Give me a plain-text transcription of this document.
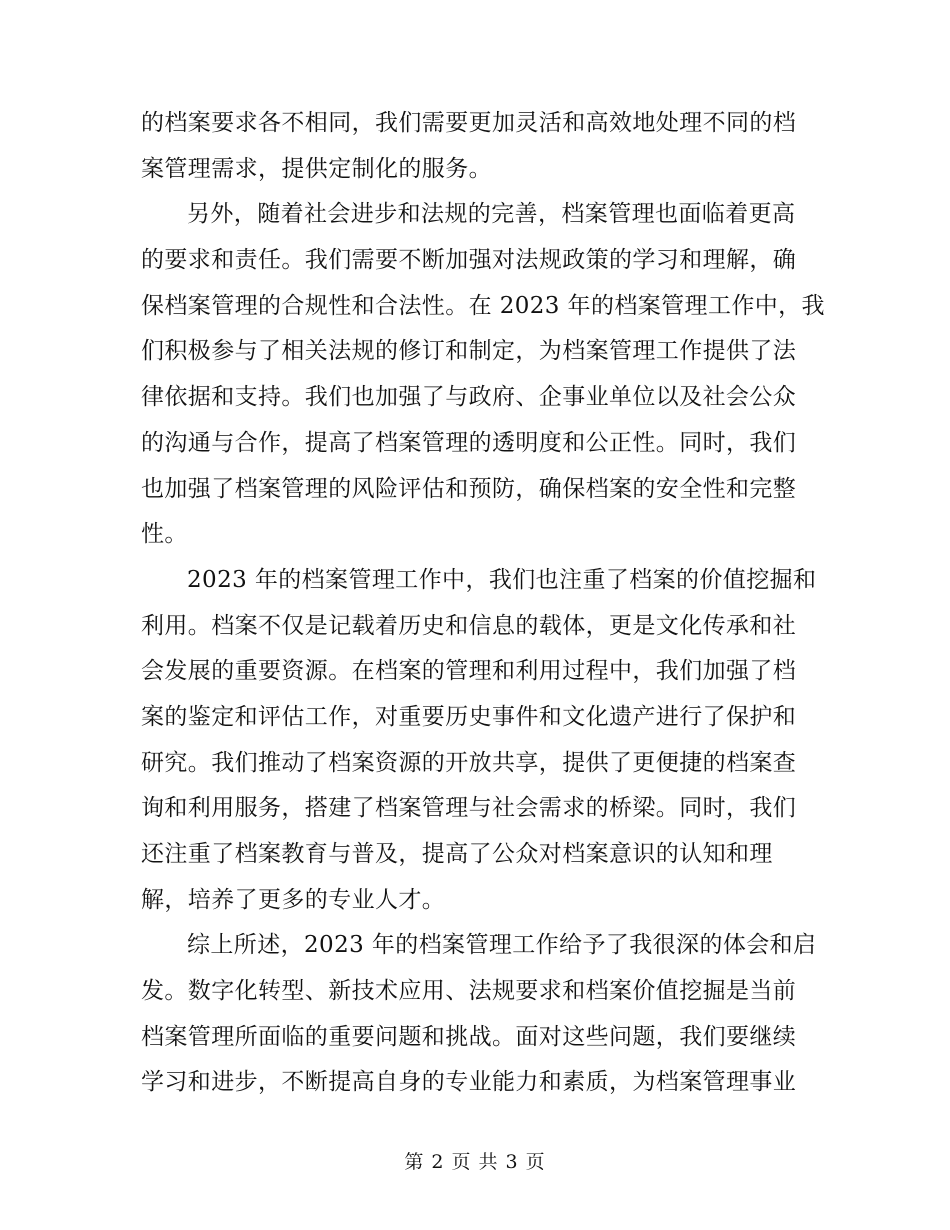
的档案要求各不相同，我们需要更加灵活和高效地处理不同的档
案管理需求，提供定制化的服务。
另外，随着社会进步和法规的完善，档案管理也面临着更高
的要求和责任。我们需要不断加强对法规政策的学习和理解，确
保档案管理的合规性和合法性。在 2023 年的档案管理工作中，我
们积极参与了相关法规的修订和制定，为档案管理工作提供了法
律依据和支持。我们也加强了与政府、企事业单位以及社会公众
的沟通与合作，提高了档案管理的透明度和公正性。同时，我们
也加强了档案管理的风险评估和预防，确保档案的安全性和完整
性。
2023 年的档案管理工作中，我们也注重了档案的价值挖掘和
利用。档案不仅是记载着历史和信息的载体，更是文化传承和社
会发展的重要资源。在档案的管理和利用过程中，我们加强了档
案的鉴定和评估工作，对重要历史事件和文化遗产进行了保护和
研究。我们推动了档案资源的开放共享，提供了更便捷的档案查
询和利用服务，搭建了档案管理与社会需求的桥梁。同时，我们
还注重了档案教育与普及，提高了公众对档案意识的认知和理
解，培养了更多的专业人才。
综上所述，2023 年的档案管理工作给予了我很深的体会和启
发。数字化转型、新技术应用、法规要求和档案价值挖掘是当前
档案管理所面临的重要问题和挑战。面对这些问题，我们要继续
学习和进步，不断提高自身的专业能力和素质，为档案管理事业
第 2 页 共 3 页
